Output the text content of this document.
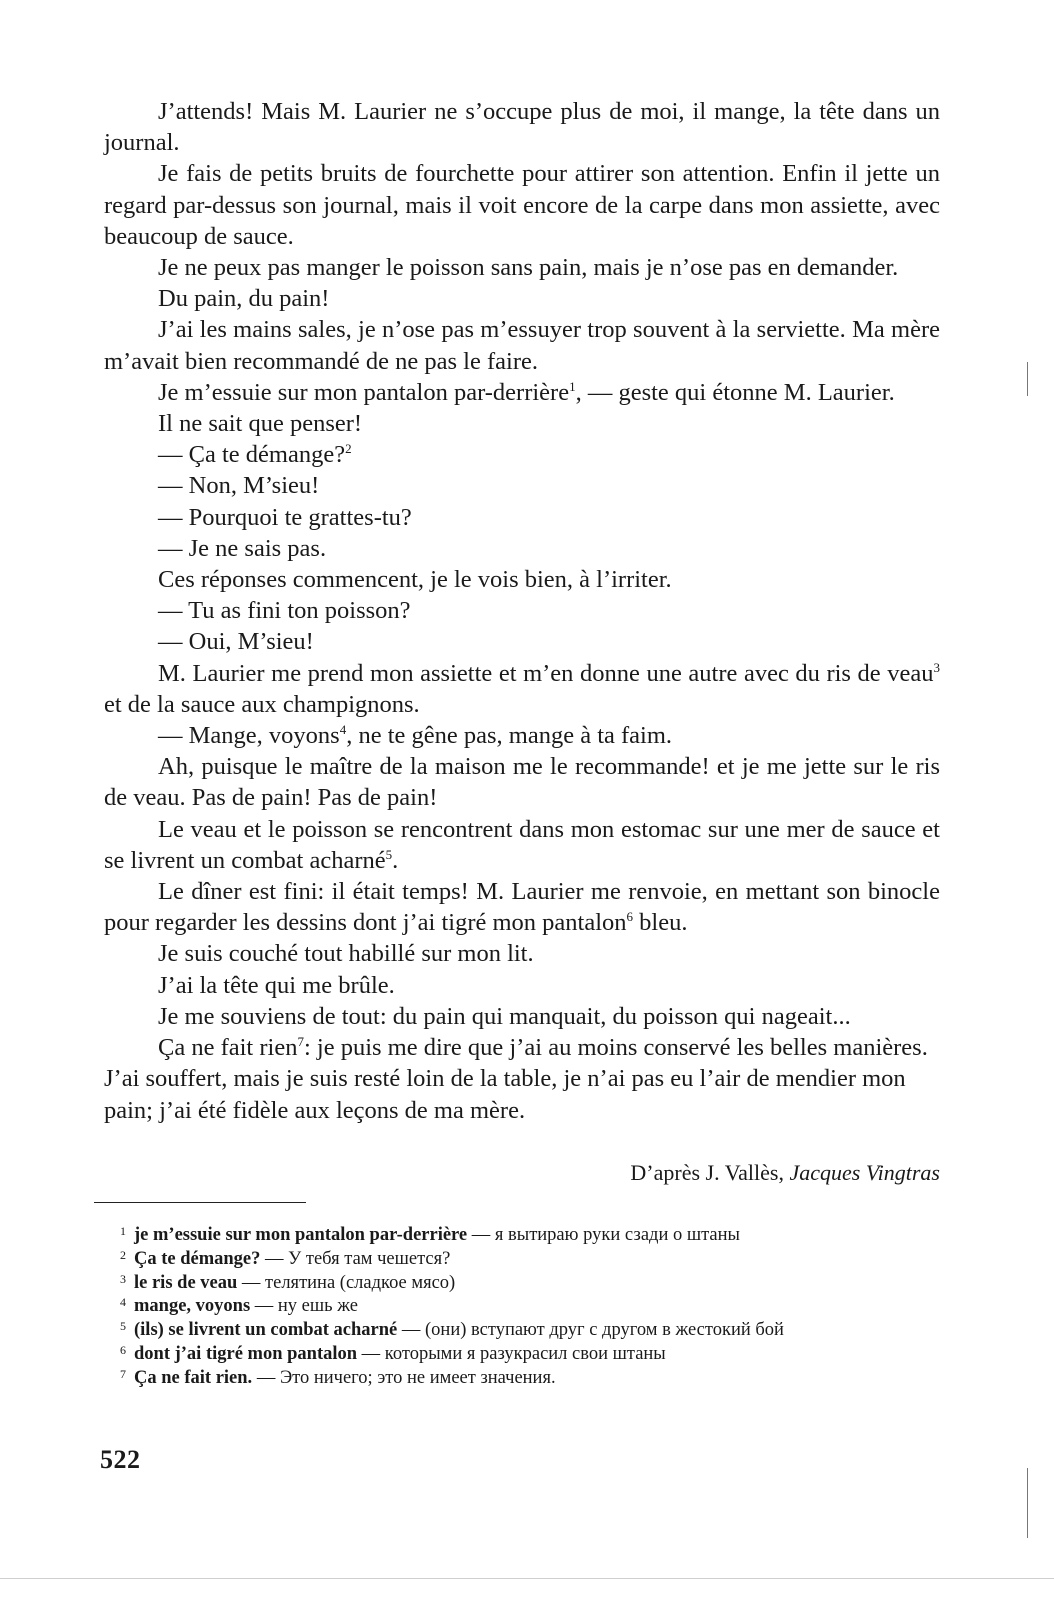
J’attends! Mais M. Laurier ne s’occupe plus de moi, il mange, la tête dans un journal.

Je fais de petits bruits de fourchette pour attirer son attention. Enfin il jette un regard par-dessus son journal, mais il voit encore de la carpe dans mon assiette, avec beaucoup de sauce.

Je ne peux pas manger le poisson sans pain, mais je n’ose pas en demander.

Du pain, du pain!

J’ai les mains sales, je n’ose pas m’essuyer trop souvent à la serviette. Ma mère m’avait bien recommandé de ne pas le faire.

Je m’essuie sur mon pantalon par-derrière$^1$, — geste qui étonne M. Laurier.

Il ne sait que penser!

— Ça te démange?$^2$

— Non, M’sieu!

— Pourquoi te grattes-tu?

— Je ne sais pas.

Ces réponses commencent, je le vois bien, à l’irriter.

— Tu as fini ton poisson?

— Oui, M’sieu!

M. Laurier me prend mon assiette et m’en donne une autre avec du ris de veau$^3$ et de la sauce aux champignons.

— Mange, voyons$^4$, ne te gêne pas, mange à ta faim.

Ah, puisque le maître de la maison me le recommande! et je me jette sur le ris de veau. Pas de pain! Pas de pain!

Le veau et le poisson se rencontrent dans mon estomac sur une mer de sauce et se livrent un combat acharné$^5$.

Le dîner est fini: il était temps! M. Laurier me renvoie, en mettant son binocle pour regarder les dessins dont j’ai tigré mon pantalon$^6$ bleu.

Je suis couché tout habillé sur mon lit.

J’ai la tête qui me brûle.

Je me souviens de tout: du pain qui manquait, du poisson qui nageait...

Ça ne fait rien$^7$: je puis me dire que j’ai au moins conservé les belles manières. J’ai souffert, mais je suis resté loin de la table, je n’ai pas eu l’air de mendier mon pain; j’ai été fidèle aux leçons de ma mère.

D’après J. Vallès, Jacques Vingtras
1 je m’essuie sur mon pantalon par-derrière — я вытираю руки сзади о штаны
2 Ça te démange? — У тебя там чешется?
3 le ris de veau — телятина (сладкое мясо)
4 mange, voyons — ну ешь же
5 (ils) se livrent un combat acharné — (они) вступают друг с другом в жестокий бой
6 dont j’ai tigré mon pantalon — которыми я разукрасил свои штаны
7 Ça ne fait rien. — Это ничего; это не имеет значения.
522
